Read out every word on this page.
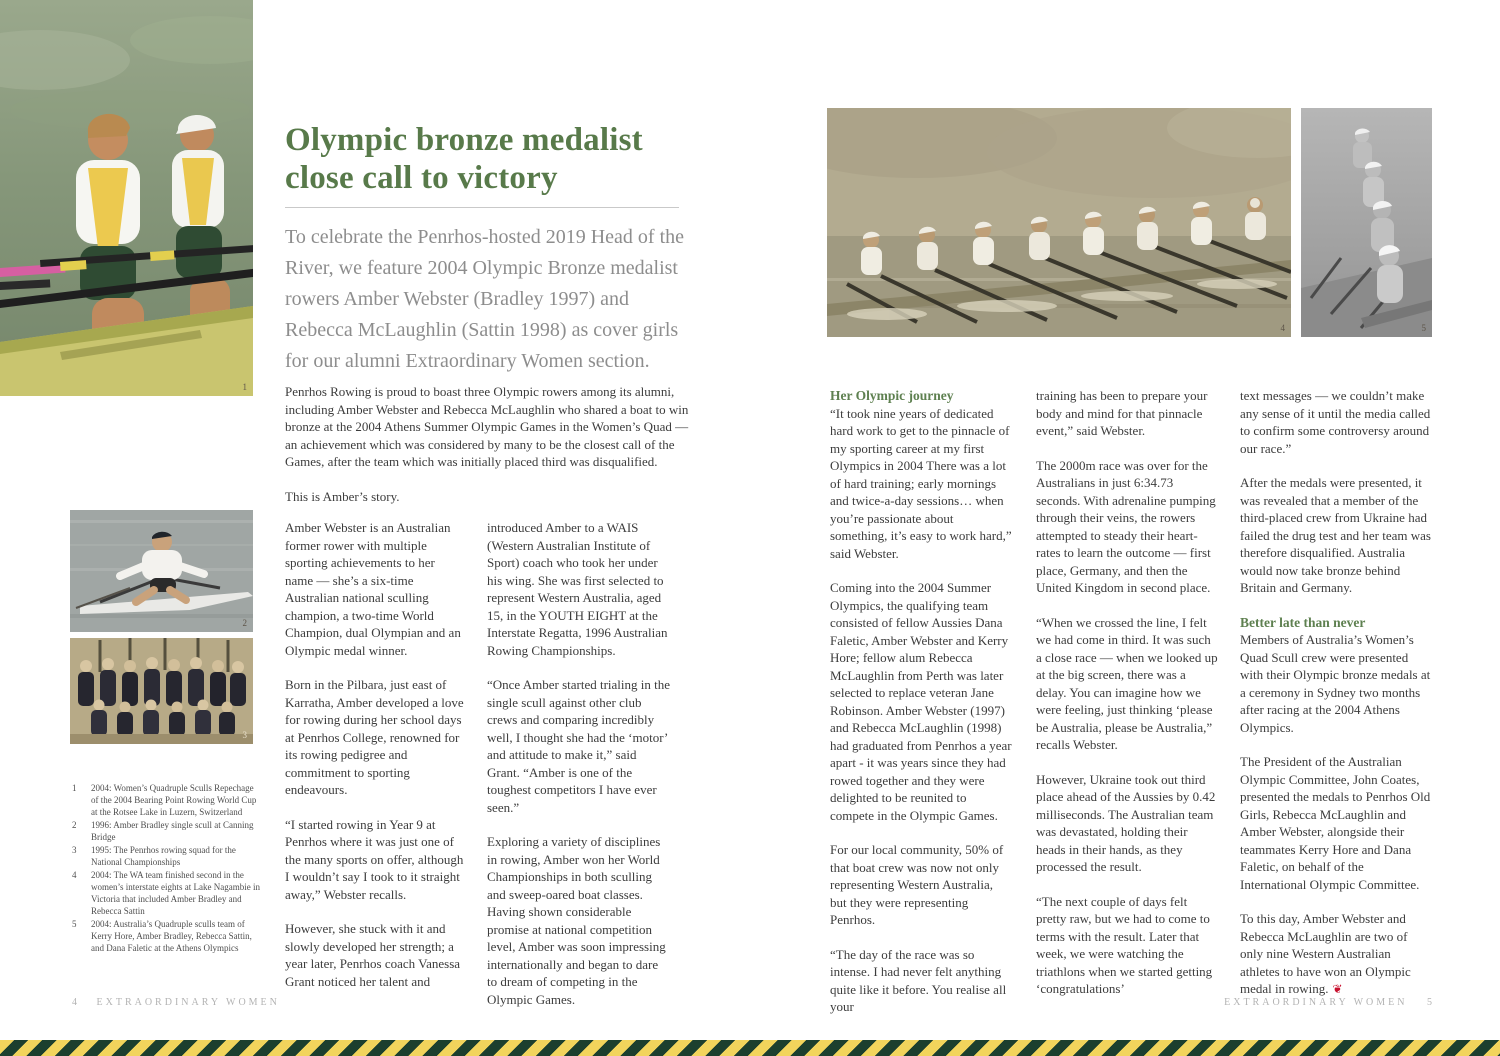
1
2
3
Olympic bronze medalist close call to victory

To celebrate the Penrhos-hosted 2019 Head of the River, we feature 2004 Olympic Bronze medalist rowers Amber Webster (Bradley 1997) and Rebecca McLaughlin (Sattin 1998) as cover girls for our alumni Extraordinary Women section.

Penrhos Rowing is proud to boast three Olympic rowers among its alumni, including Amber Webster and Rebecca McLaughlin who shared a boat to win bronze at the 2004 Athens Summer Olympic Games in the Women’s Quad — an achievement which was considered by many to be the closest call of the Games, after the team which was initially placed third was disqualified.

This is Amber’s story.

Amber Webster is an Australian former rower with multiple sporting achievements to her name — she’s a six-time Australian national sculling champion, a two-time World Champion, dual Olympian and an Olympic medal winner.

Born in the Pilbara, just east of Karratha, Amber developed a love for rowing during her school days at Penrhos College, renowned for its rowing pedigree and commitment to sporting endeavours.

“I started rowing in Year 9 at Penrhos where it was just one of the many sports on offer, although I wouldn’t say I took to it straight away,” Webster recalls.

However, she stuck with it and slowly developed her strength; a year later, Penrhos coach Vanessa Grant noticed her talent and

introduced Amber to a WAIS (Western Australian Institute of Sport) coach who took her under his wing. She was first selected to represent Western Australia, aged 15, in the YOUTH EIGHT at the Interstate Regatta, 1996 Australian Rowing Championships.

“Once Amber started trialing in the single scull against other club crews and comparing incredibly well, I thought she had the ‘motor’ and attitude to make it,” said Grant. “Amber is one of the toughest competitors I have ever seen.”

Exploring a variety of disciplines in rowing, Amber won her World Championships in both sculling and sweep-oared boat classes. Having shown considerable promise at national competition level, Amber was soon impressing internationally and began to dare to dream of competing in the Olympic Games.

1	2004: Women’s Quadruple Sculls Repechage of the 2004 Bearing Point Rowing World Cup at the Rotsee Lake in Luzern, Switzerland
2	1996: Amber Bradley single scull at Canning Bridge
3	1995: The Penrhos rowing squad for the National Championships
4	2004: The WA team finished second in the women’s interstate eights at Lake Nagambie in Victoria that included Amber Bradley and Rebecca Sattin
5	2004: Australia’s Quadruple sculls team of Kerry Hore, Amber Bradley, Rebecca Sattin, and Dana Faletic at the Athens Olympics
4 EXTRAORDINARY WOMEN
4	5
Her Olympic journey

“It took nine years of dedicated hard work to get to the pinnacle of my sporting career at my first Olympics in 2004 There was a lot of hard training; early mornings and twice-a-day sessions… when you’re passionate about something, it’s easy to work hard,” said Webster.

Coming into the 2004 Summer Olympics, the qualifying team consisted of fellow Aussies Dana Faletic, Amber Webster and Kerry Hore; fellow alum Rebecca McLaughlin from Perth was later selected to replace veteran Jane Robinson. Amber Webster (1997) and Rebecca McLaughlin (1998) had graduated from Penrhos a year apart - it was years since they had rowed together and they were delighted to be reunited to compete in the Olympic Games.

For our local community, 50% of that boat crew was now not only representing Western Australia, but they were representing Penrhos.

“The day of the race was so intense. I had never felt anything quite like it before. You realise all your

training has been to prepare your body and mind for that pinnacle event,” said Webster.

The 2000m race was over for the Australians in just 6:34.73 seconds. With adrenaline pumping through their veins, the rowers attempted to steady their heart-rates to learn the outcome — first place, Germany, and then the United Kingdom in second place.

“When we crossed the line, I felt we had come in third. It was such a close race — when we looked up at the big screen, there was a delay. You can imagine how we were feeling, just thinking ‘please be Australia, please be Australia,” recalls Webster.

However, Ukraine took out third place ahead of the Aussies by 0.42 milliseconds. The Australian team was devastated, holding their heads in their hands, as they processed the result.

“The next couple of days felt pretty raw, but we had to come to terms with the result. Later that week, we were watching the triathlons when we started getting ‘congratulations’

text messages — we couldn’t make any sense of it until the media called to confirm some controversy around our race.”

After the medals were presented, it was revealed that a member of the third-placed crew from Ukraine had failed the drug test and her team was therefore disqualified. Australia would now take bronze behind Britain and Germany.

Better late than never

Members of Australia’s Women’s Quad Scull crew were presented with their Olympic bronze medals at a ceremony in Sydney two months after racing at the 2004 Athens Olympics.

The President of the Australian Olympic Committee, John Coates, presented the medals to Penrhos Old Girls, Rebecca McLaughlin and Amber Webster, alongside their teammates Kerry Hore and Dana Faletic, on behalf of the International Olympic Committee.

To this day, Amber Webster and Rebecca McLaughlin are two of only nine Western Australian athletes to have won an Olympic medal in rowing. ❦

EXTRAORDINARY WOMEN 5
